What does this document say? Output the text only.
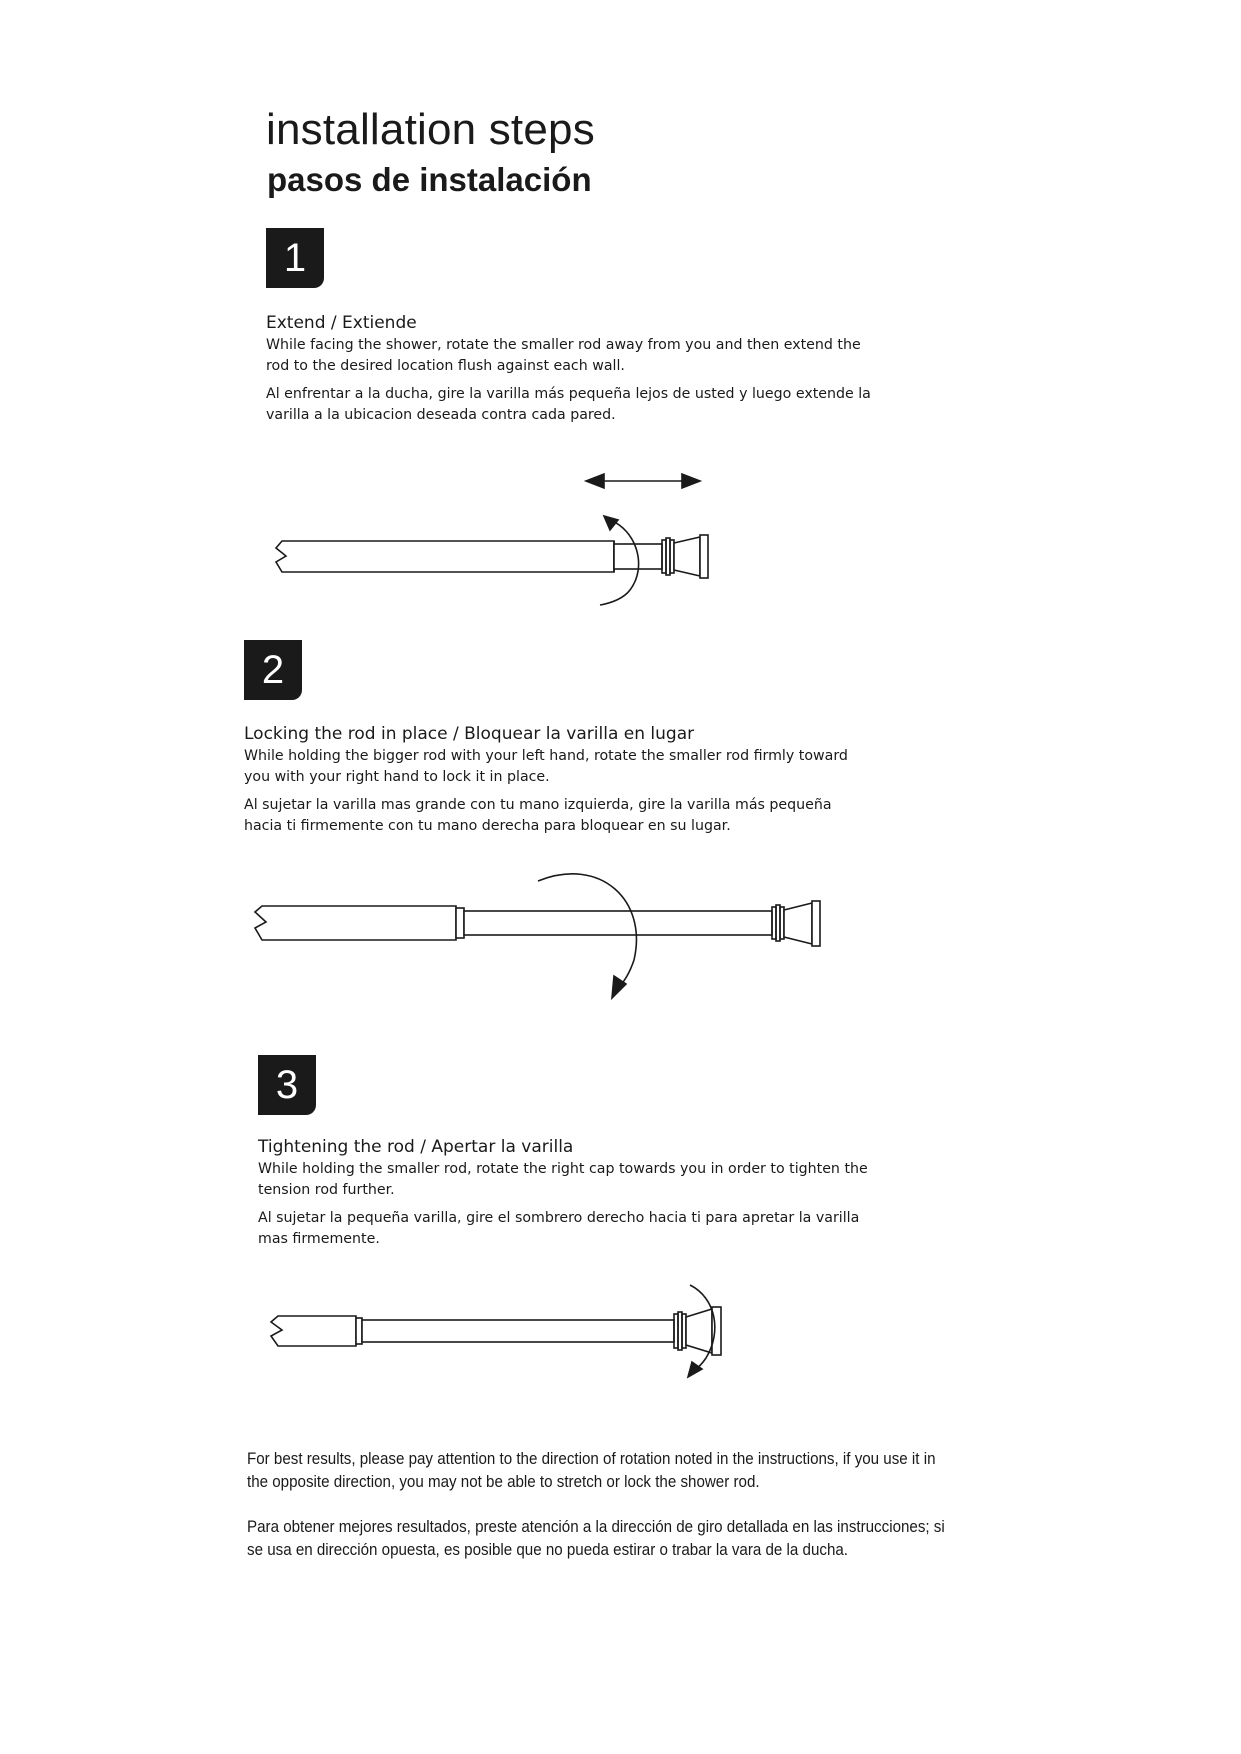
installation steps
pasos de instalación
1
Extend / Extiende
While facing the shower, rotate the smaller rod away from you and then extend the rod to the desired location flush against each wall.
Al enfrentar a la ducha, gire la varilla más pequeña lejos de usted y luego extende la varilla a la ubicacion deseada contra cada pared.
2
Locking the rod in place / Bloquear la varilla en lugar
While holding the bigger rod with your left hand, rotate the smaller rod firmly toward you with your right hand to lock it in place.
Al sujetar la varilla mas grande con tu mano izquierda, gire la varilla más pequeña hacia ti firmemente con tu mano derecha para bloquear en su lugar.
3
Tightening the rod / Apertar la varilla
While holding the smaller rod, rotate the right cap towards you in order to tighten the tension rod further.
Al sujetar la pequeña varilla, gire el sombrero derecho hacia ti para apretar la varilla mas firmemente.
For best results, please pay attention to the direction of rotation noted in the instructions, if you use it in the opposite direction, you may not be able to stretch or lock the shower rod.
Para obtener mejores resultados, preste atención a la dirección de giro detallada en las instrucciones; si se usa en dirección opuesta, es posible que no pueda estirar o trabar la vara de la ducha.
